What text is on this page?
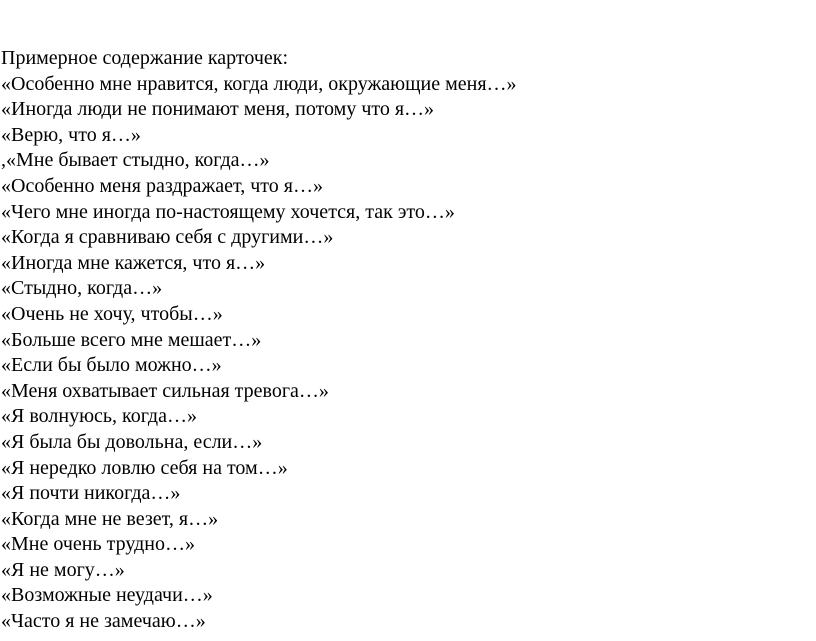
Примерное содержание карточек:
«Особенно мне нравится, когда люди, окружающие меня…»
«Иногда люди не понимают меня, потому что я…»
«Верю, что я…»
,«Мне бывает стыдно, когда…»
«Особенно меня раздражает, что я…»
«Чего мне иногда по-настоящему хочется, так это…»
«Когда я сравниваю себя с другими…»
«Иногда мне кажется, что я…»
«Стыдно, когда…»
«Очень не хочу, чтобы…»
«Больше всего мне мешает…»
«Если бы было можно…»
«Меня охватывает сильная тревога…»
«Я волнуюсь, когда…»
«Я была бы довольна, если…»
«Я нередко ловлю себя на том…»
«Я почти никогда…»
«Когда мне не везет, я…»
«Мне очень трудно…»
«Я не могу…»
«Возможные неудачи…»
«Часто я не замечаю…»
